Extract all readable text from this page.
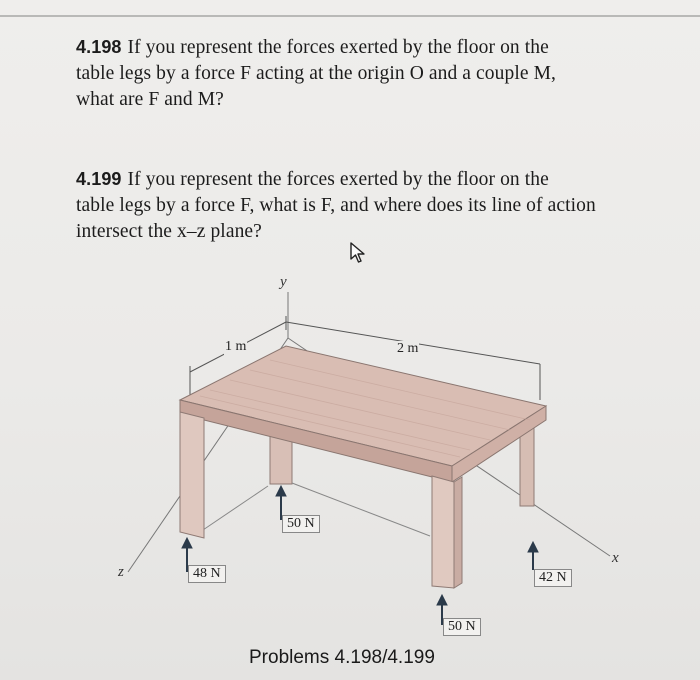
4.198 If you represent the forces exerted by the floor on the
table legs by a force F acting at the origin O and a couple M,
what are F and M?
4.199 If you represent the forces exerted by the floor on the
table legs by a force F, what is F, and where does its line of action
intersect the x–z plane?
y
x
z
1 m	2 m
50 N
48 N
50 N
42 N
Problems 4.198/4.199
